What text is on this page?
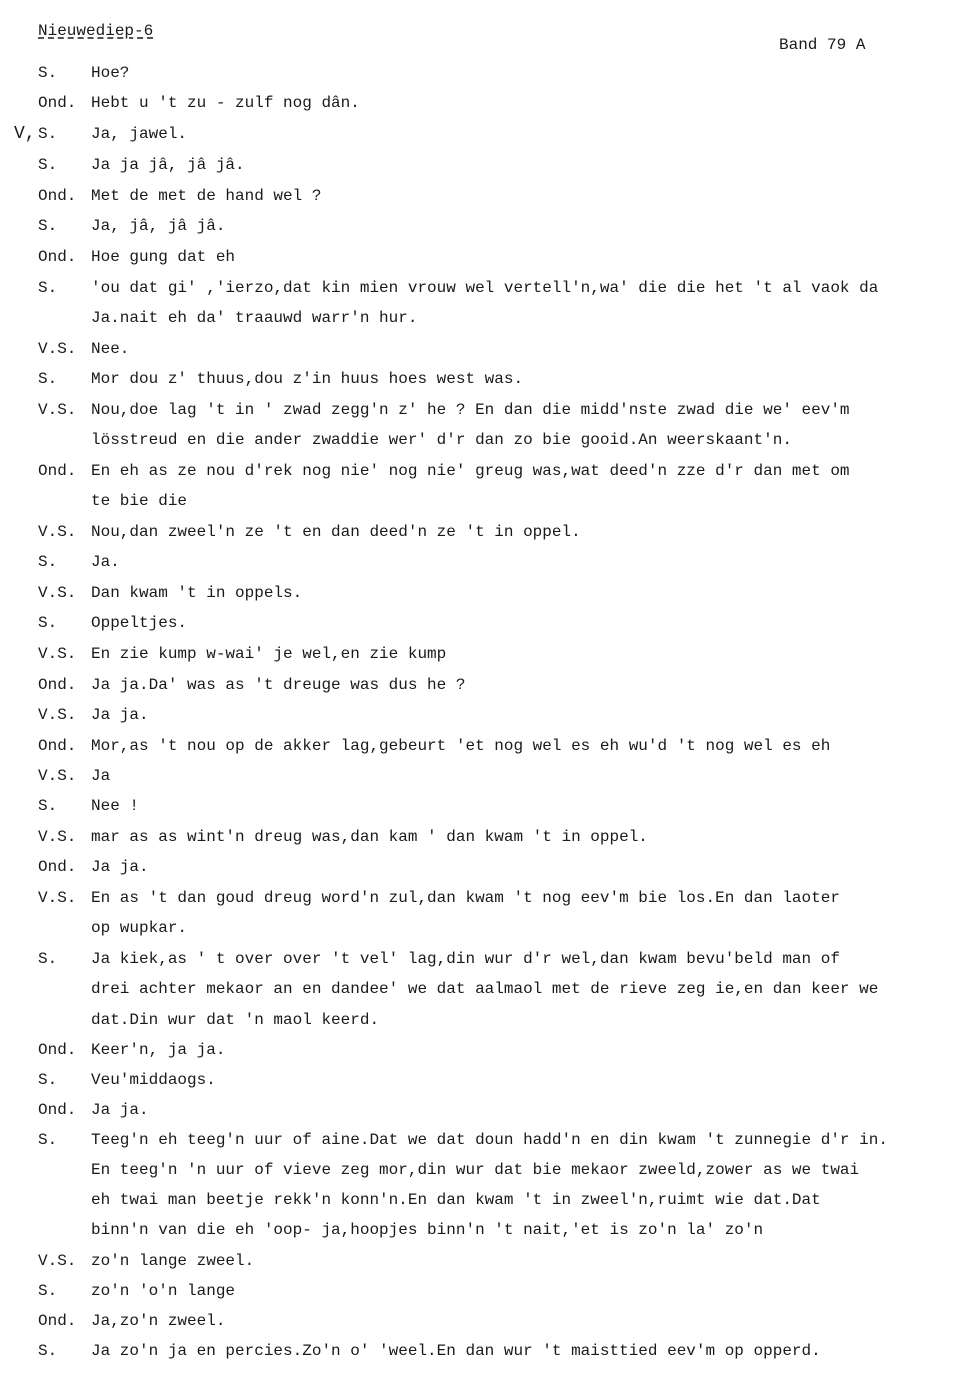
Nieuwediep-6
Band 79 A
V,
S. Hoe?
Ond. Hebt u 't zu - zulf nog dân.
S. Ja, jawel.
S. Ja ja jâ, jâ jâ.
Ond. Met de met de hand wel ?
S. Ja, jâ, jâ jâ.
Ond. Hoe gung dat eh
S. 'ou dat gi' ,'ierzo,dat kin mien vrouw wel vertell'n,wa' die die het 't al vaok da
Ja.nait eh da' traauwd warr'n hur.
V.S. Nee.
S. Mor dou z' thuus,dou z'in huus hoes west was.
V.S. Nou,doe lag 't in ' zwad zegg'n z' he ? En dan die midd'nste zwad die we' eev'm
lösstreud en die ander zwaddie wer' d'r dan zo bie gooid.An weerskaant'n.
Ond. En eh as ze nou d'rek nog nie' nog nie' greug was,wat deed'n zze d'r dan met om
te bie die
V.S. Nou,dan zweel'n ze 't en dan deed'n ze 't in oppel.
S. Ja.
V.S. Dan kwam 't in oppels.
S. Oppeltjes.
V.S. En zie kump w-wai' je wel,en zie kump
Ond. Ja ja.Da' was as 't dreuge was dus he ?
V.S. Ja ja.
Ond. Mor,as 't nou op de akker lag,gebeurt 'et nog wel es eh wu'd 't nog wel es eh
V.S. Ja
S. Nee !
V.S. mar as as wint'n dreug was,dan kam ' dan kwam 't in oppel.
Ond. Ja ja.
V.S. En as 't dan goud dreug word'n zul,dan kwam 't nog eev'm bie los.En dan laoter
op wupkar.
S. Ja kiek,as ' t over over 't vel' lag,din wur d'r wel,dan kwam bevu'beld man of
drei achter mekaor an en dandee' we dat aalmaol met de rieve zeg ie,en dan keer we
dat.Din wur dat 'n maol keerd.
Ond. Keer'n, ja ja.
S. Veu'middaogs.
Ond. Ja ja.
S. Teeg'n eh teeg'n uur of aine.Dat we dat doun hadd'n en din kwam 't zunnegie d'r in.
En teeg'n 'n uur of vieve zeg mor,din wur dat bie mekaor zweeld,zower as we twai
eh twai man beetje rekk'n konn'n.En dan kwam 't in zweel'n,ruimt wie dat.Dat
binn'n van die eh 'oop- ja,hoopjes binn'n 't nait,'et is zo'n la' zo'n
V.S. zo'n lange zweel.
S. zo'n 'o'n lange
Ond. Ja,zo'n zweel.
S. Ja zo'n ja en percies.Zo'n o' 'weel.En dan wur 't maisttied eev'm op opperd.
